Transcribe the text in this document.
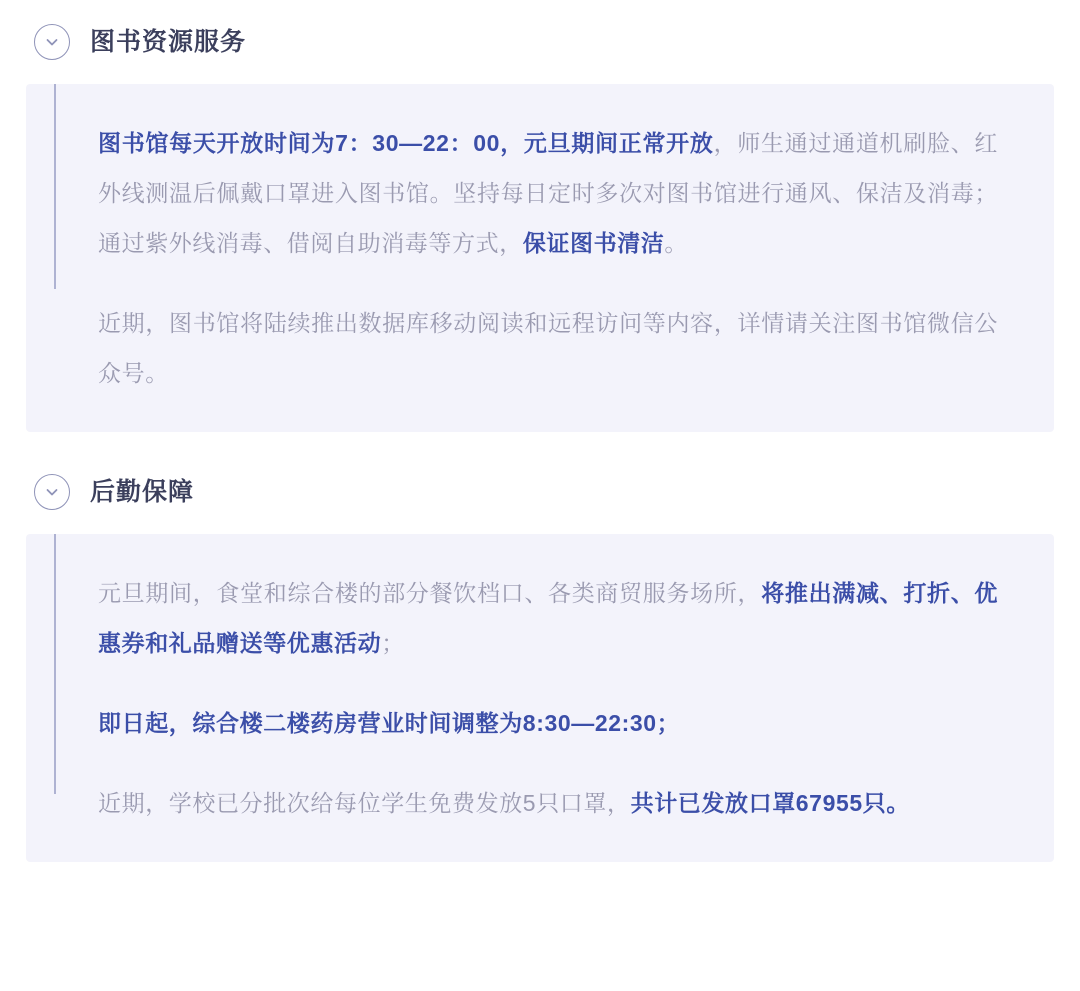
图书资源服务

图书馆每天开放时间为7：30—22：00，元旦期间正常开放，师生通过通道机刷脸、红外线测温后佩戴口罩进入图书馆。坚持每日定时多次对图书馆进行通风、保洁及消毒；通过紫外线消毒、借阅自助消毒等方式，保证图书清洁。

近期，图书馆将陆续推出数据库移动阅读和远程访问等内容，详情请关注图书馆微信公众号。

后勤保障

元旦期间，食堂和综合楼的部分餐饮档口、各类商贸服务场所，将推出满减、打折、优惠券和礼品赠送等优惠活动；

即日起，综合楼二楼药房营业时间调整为8:30—22:30；

近期，学校已分批次给每位学生免费发放5只口罩，共计已发放口罩67955只。
